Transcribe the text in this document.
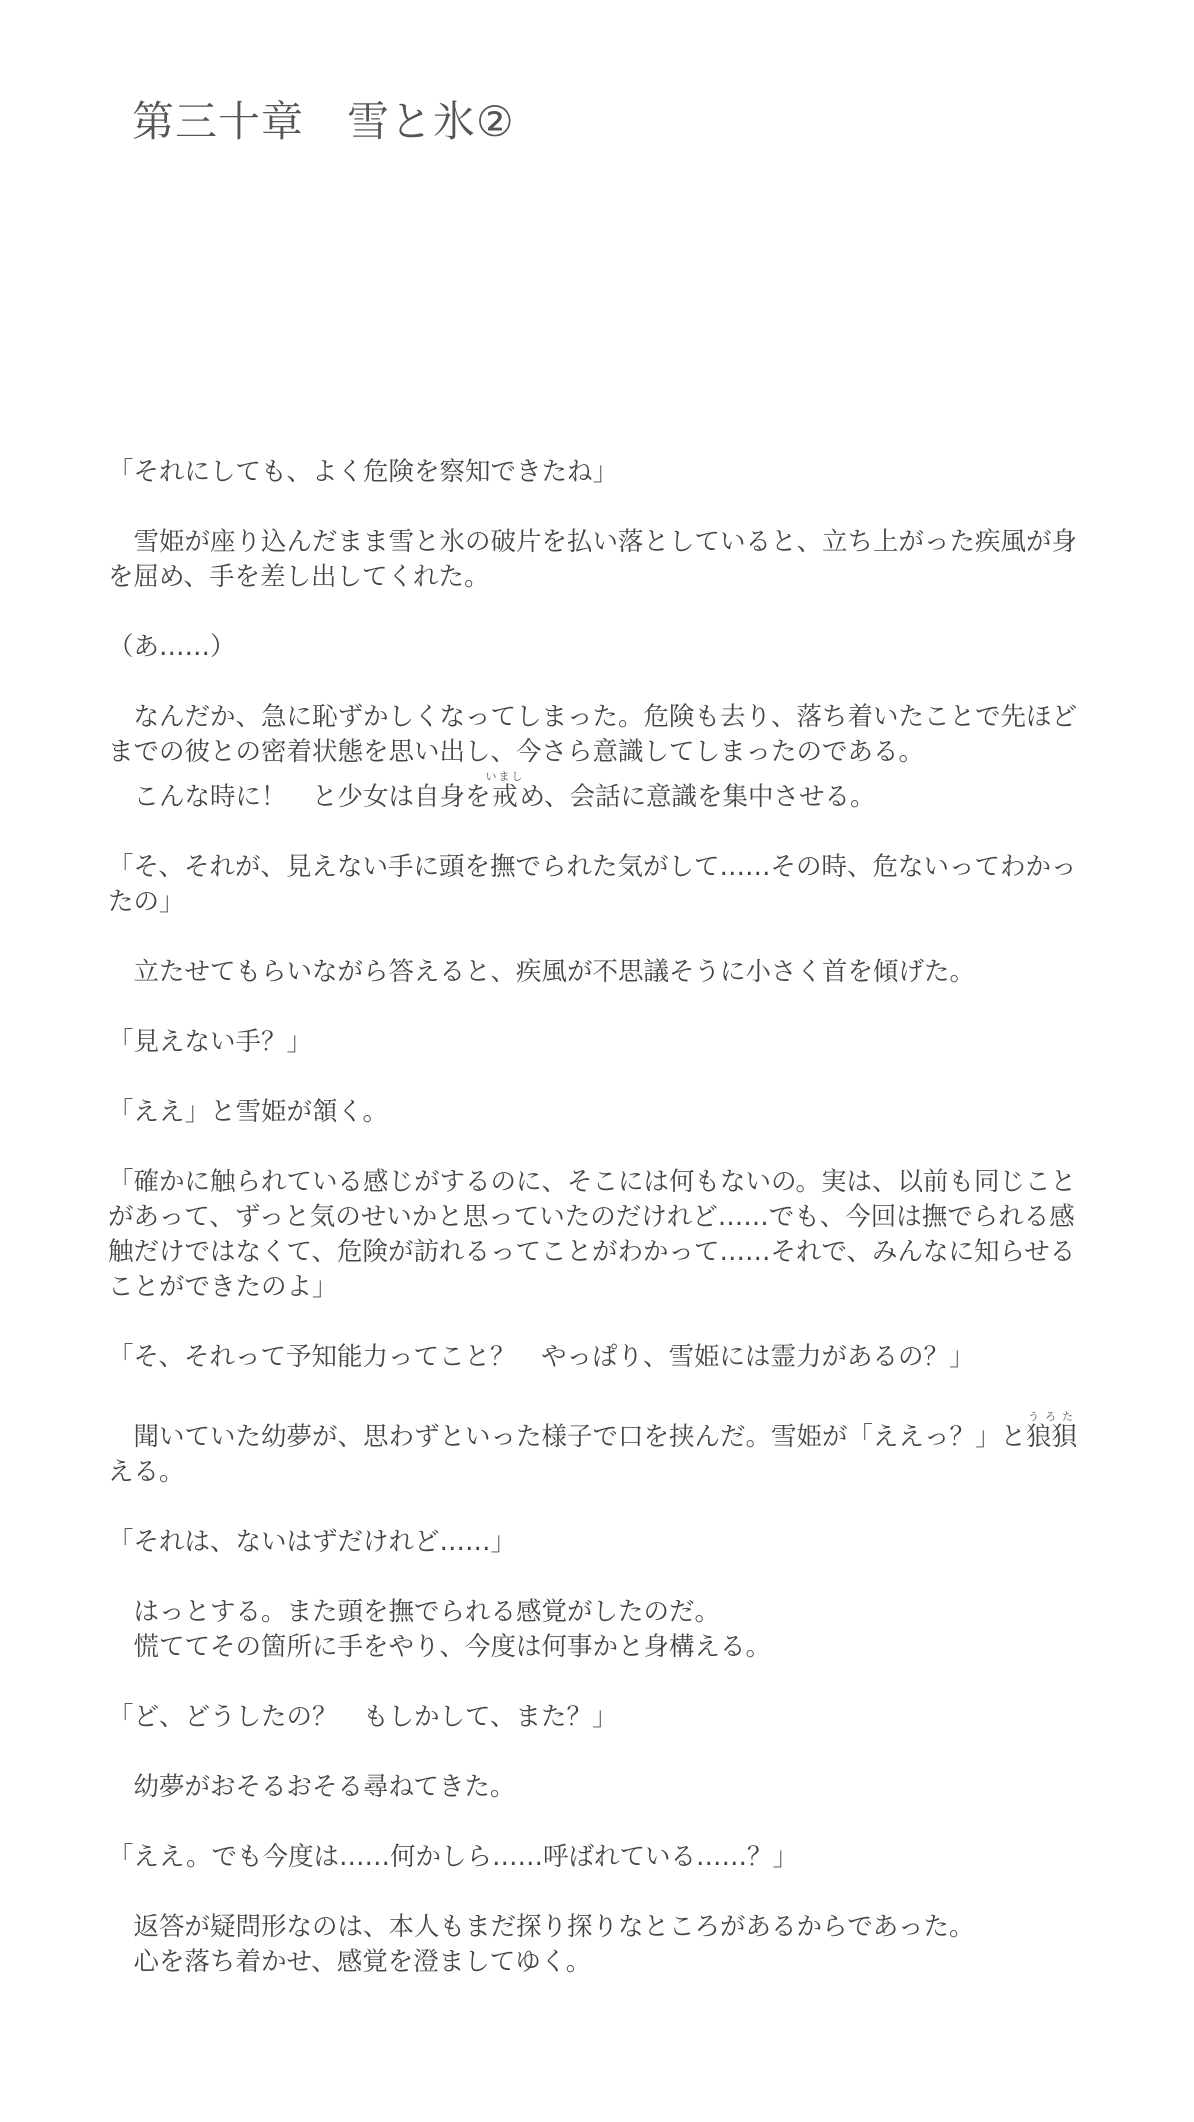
第三十章　雪と氷②

「それにしても、よく危険を察知できたね」

　雪姫が座り込んだまま雪と氷の破片を払い落としていると、立ち上がった疾風が身を屈め、手を差し出してくれた。

（あ……）

　なんだか、急に恥ずかしくなってしまった。危険も去り、落ち着いたことで先ほどまでの彼との密着状態を思い出し、今さら意識してしまったのである。

　こんな時に！　と少女は自身を戒いましめ、会話に意識を集中させる。

「そ、それが、見えない手に頭を撫でられた気がして……その時、危ないってわかったの」

　立たせてもらいながら答えると、疾風が不思議そうに小さく首を傾げた。

「見えない手？」

「ええ」と雪姫が頷く。

「確かに触られている感じがするのに、そこには何もないの。実は、以前も同じことがあって、ずっと気のせいかと思っていたのだけれど……でも、今回は撫でられる感触だけではなくて、危険が訪れるってことがわかって……それで、みんなに知らせることができたのよ」

「そ、それって予知能力ってこと？　やっぱり、雪姫には霊力があるの？」

　聞いていた幼夢が、思わずといった様子で口を挟んだ。雪姫が「ええっ？」と狼狽うろたえる。

「それは、ないはずだけれど……」

　はっとする。また頭を撫でられる感覚がしたのだ。

　慌ててその箇所に手をやり、今度は何事かと身構える。

「ど、どうしたの？　もしかして、また？」

　幼夢がおそるおそる尋ねてきた。

「ええ。でも今度は……何かしら……呼ばれている……？」

　返答が疑問形なのは、本人もまだ探り探りなところがあるからであった。

　心を落ち着かせ、感覚を澄ましてゆく。
